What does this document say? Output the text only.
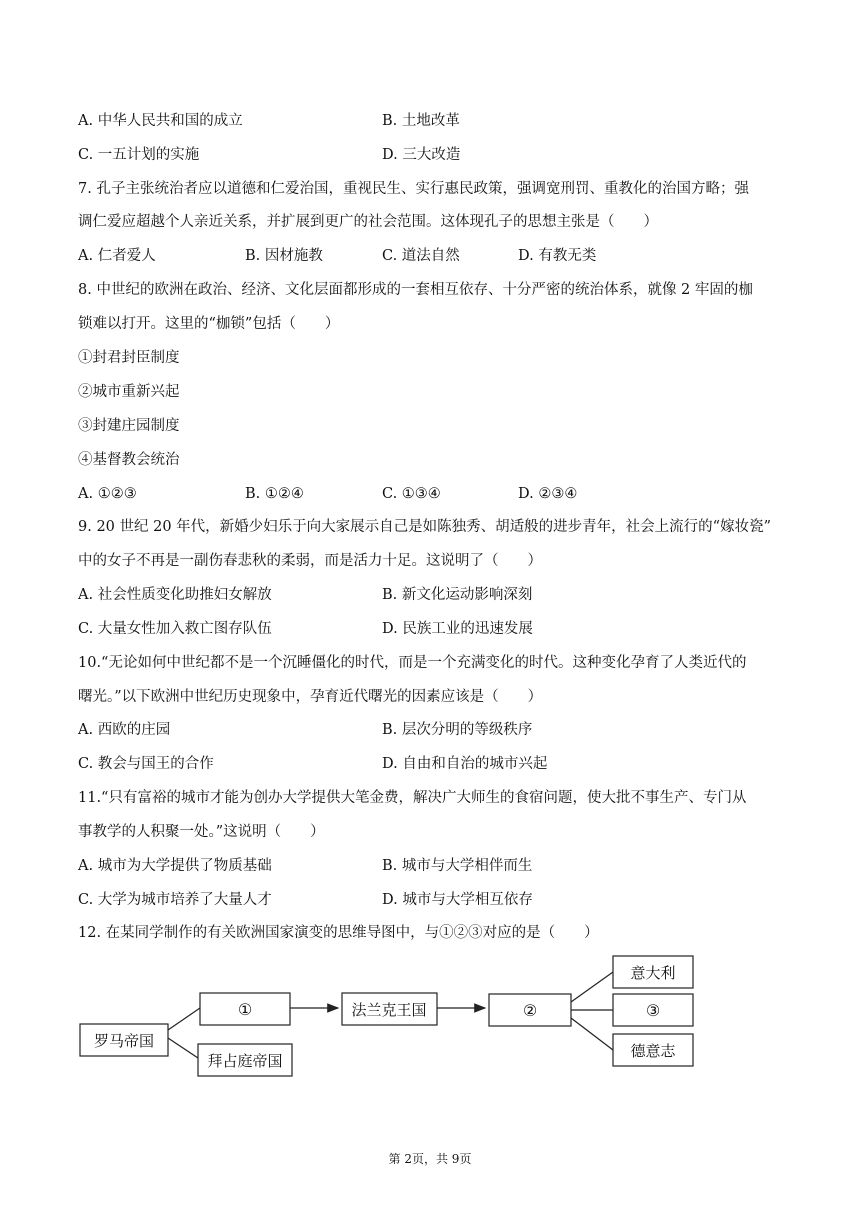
A. 中华人民共和国的成立	B. 土地改革
C. 一五计划的实施	D. 三大改造
7. 孔子主张统治者应以道德和仁爱治国，重视民生、实行惠民政策，强调宽刑罚、重教化的治国方略；强
调仁爱应超越个人亲近关系，并扩展到更广的社会范围。这体现孔子的思想主张是（　　）
A. 仁者爱人	B. 因材施教	C. 道法自然	D. 有教无类
8. 中世纪的欧洲在政治、经济、文化层面都形成的一套相互依存、十分严密的统治体系，就像 2 牢固的枷
锁难以打开。这里的“枷锁”包括（　　）
①封君封臣制度
②城市重新兴起
③封建庄园制度
④基督教会统治
A. ①②③	B. ①②④	C. ①③④	D. ②③④
9. 20 世纪 20 年代，新婚少妇乐于向大家展示自己是如陈独秀、胡适般的进步青年，社会上流行的“嫁妆瓷”
中的女子不再是一副伤春悲秋的柔弱，而是活力十足。这说明了（　　）
A. 社会性质变化助推妇女解放	B. 新文化运动影响深刻
C. 大量女性加入救亡图存队伍	D. 民族工业的迅速发展
10.“无论如何中世纪都不是一个沉睡僵化的时代，而是一个充满变化的时代。这种变化孕育了人类近代的
曙光。”以下欧洲中世纪历史现象中，孕育近代曙光的因素应该是（　　）
A. 西欧的庄园	B. 层次分明的等级秩序
C. 教会与国王的合作	D. 自由和自治的城市兴起
11.“只有富裕的城市才能为创办大学提供大笔金费，解决广大师生的食宿问题，使大批不事生产、专门从
事教学的人积聚一处。”这说明（　　）
A. 城市为大学提供了物质基础	B. 城市与大学相伴而生
C. 大学为城市培养了大量人才	D. 城市与大学相互依存
12. 在某同学制作的有关欧洲国家演变的思维导图中，与①②③对应的是（　　）
罗马帝国
①
拜占庭帝国
法兰克王国	②
意大利
③
德意志
第 2页，共 9页
